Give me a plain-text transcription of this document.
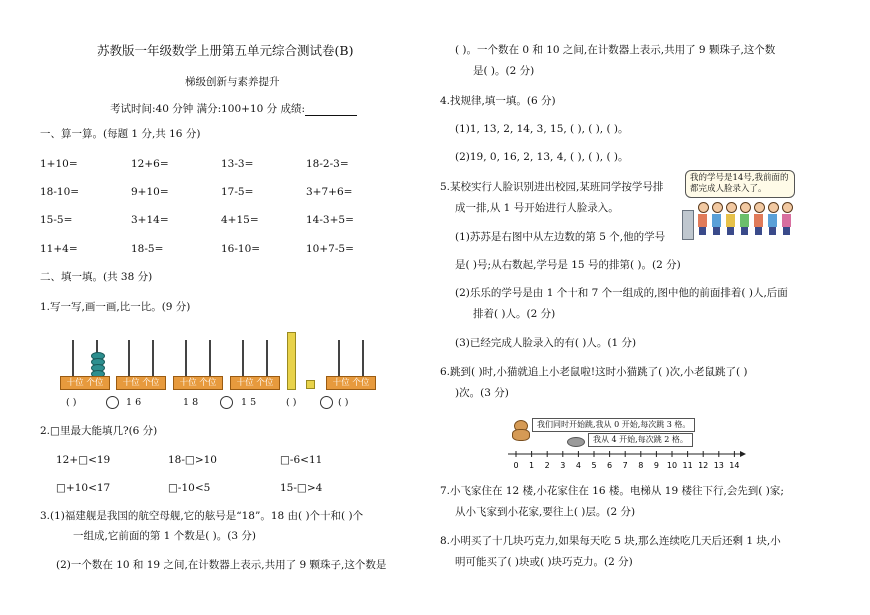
苏教版一年级数学上册第五单元综合测试卷(B)
梯级创新与素养提升
考试时间:40 分钟 满分:100+10 分 成绩:
一、算一算。(每题 1 分,共 16 分)
1+10=	12+6=	13-3=	18-2-3=
18-10=	9+10=	17-5=	3+7+6=
15-5=	3+14=	4+15=	14-3+5=
11+4=	18-5=	16-10=	10+7-5=
二、填一填。(共 38 分)
1.写一写,画一画,比一比。(9 分)
十位 个位	十位 个位	十位 个位	十位 个位	十位 个位
( )	1 6	1 8	1 5	( )	( )
2.□里最大能填几?(6 分)
12+□<19	18-□>10	□-6<11
□+10<17	□-10<5	15-□>4
3.(1)福建舰是我国的航空母舰,它的舷号是“18”。18 由( )个十和( )个
一组成,它前面的第 1 个数是( )。(3 分)
(2)一个数在 10 和 19 之间,在计数器上表示,共用了 9 颗珠子,这个数是
( )。一个数在 0 和 10 之间,在计数器上表示,共用了 9 颗珠子,这个数
是( )。(2 分)
4.找规律,填一填。(6 分)
(1)1, 13, 2, 14, 3, 15, ( ), ( ), ( )。
(2)19, 0, 16, 2, 13, 4, ( ), ( ), ( )。
5.某校实行人脸识别进出校园,某班同学按学号排
成一排,从 1 号开始进行人脸录入。
我的学号是14号,我前面的都完成人脸录入了。
(1)苏苏是右图中从左边数的第 5 个,他的学号
是( )号;从右数起,学号是 15 号的排第( )。(2 分)
(2)乐乐的学号是由 1 个十和 7 个一组成的,图中他的前面排着( )人,后面
排着( )人。(2 分)
(3)已经完成人脸录入的有( )人。(1 分)
6.跳到( )时,小猫就追上小老鼠啦!这时小猫跳了( )次,小老鼠跳了( )
)次。(3 分)
我们同时开始跳,我从 0 开始,每次跳 3 格。
我从 4 开始,每次跳 2 格。
0 1 2 3 4 5 6 7 8 9 10 11 12 13 14
7.小飞家住在 12 楼,小花家住在 16 楼。电梯从 19 楼往下行,会先到( )家;
从小飞家到小花家,要往上( )层。(2 分)
8.小明买了十几块巧克力,如果每天吃 5 块,那么连续吃几天后还剩 1 块,小
明可能买了( )块或( )块巧克力。(2 分)
